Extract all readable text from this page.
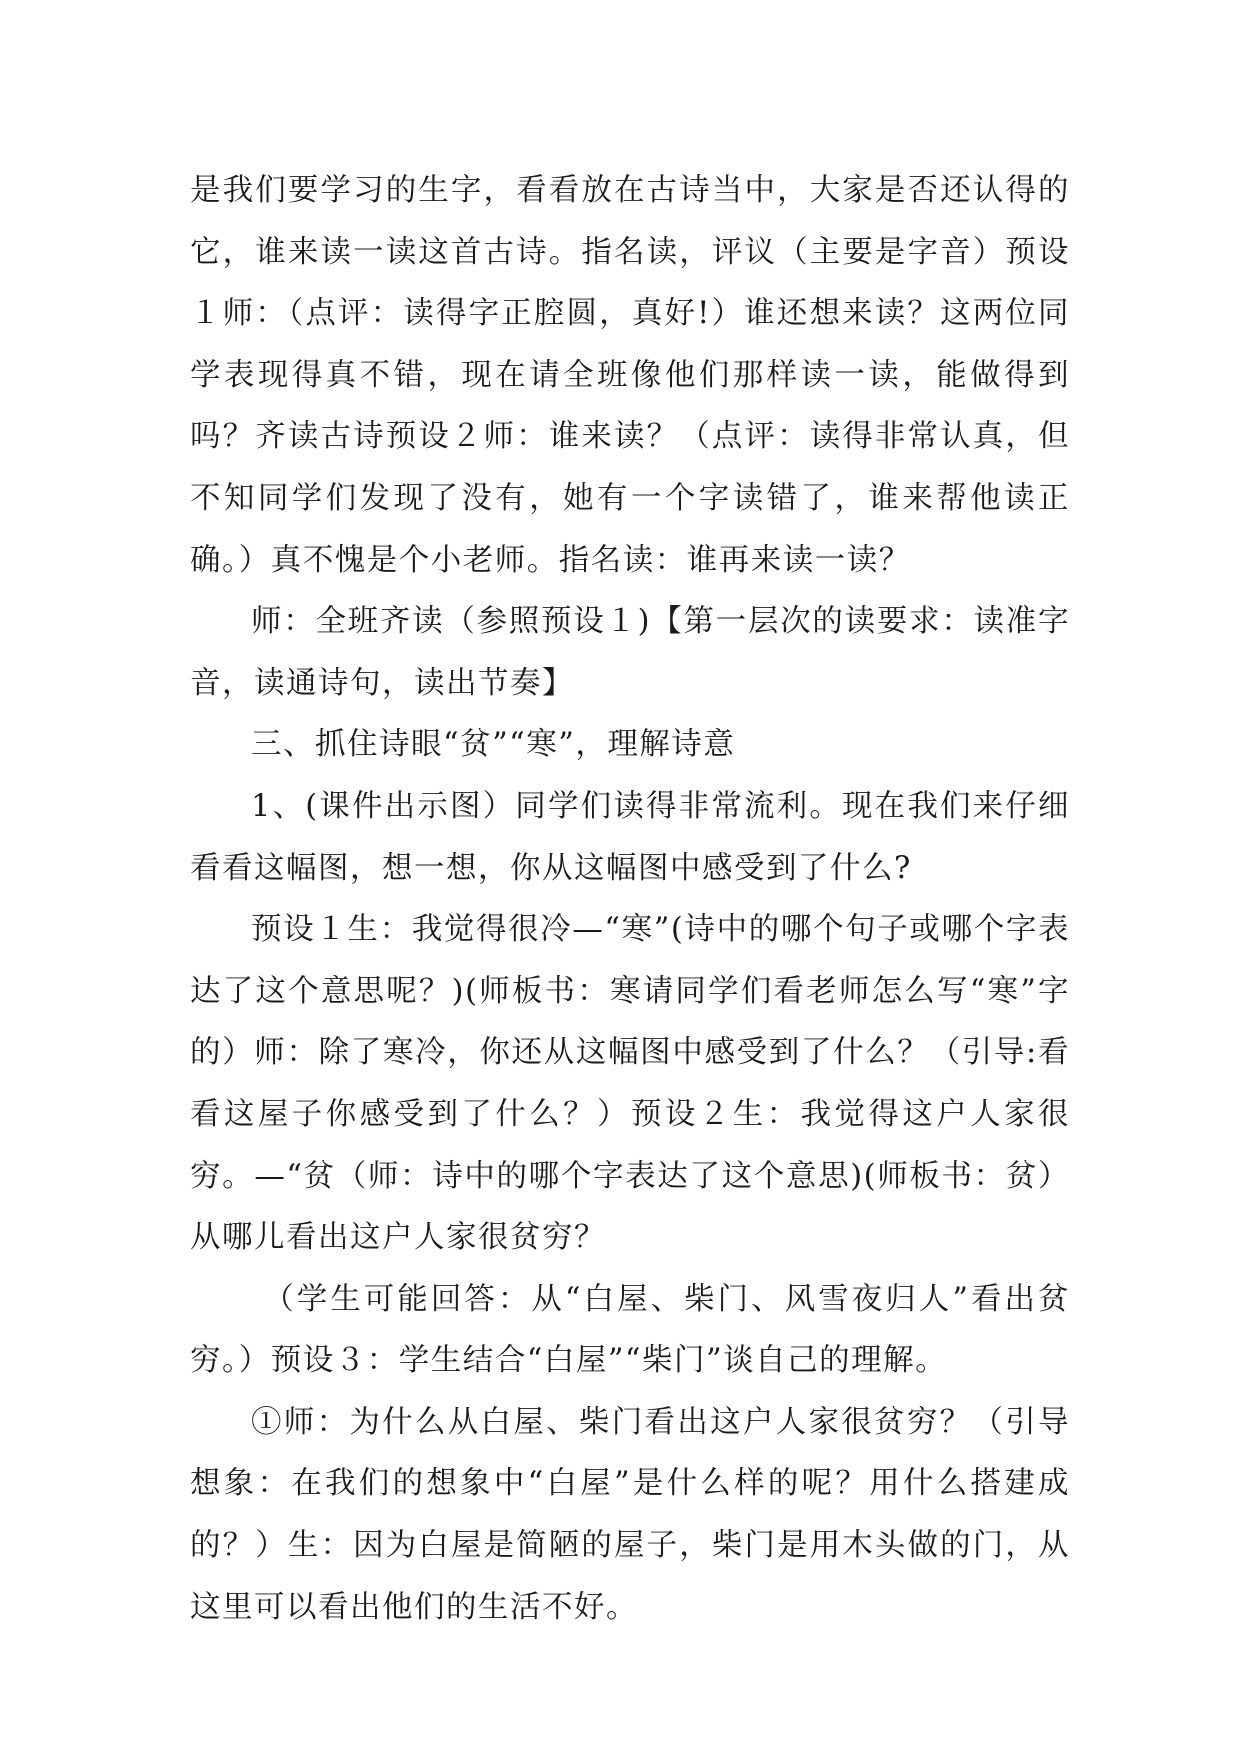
是我们要学习的生字，看看放在古诗当中，大家是否还认得的它，谁来读一读这首古诗。指名读，评议（主要是字音）预设１师：（点评：读得字正腔圆，真好!）谁还想来读？这两位同学表现得真不错，现在请全班像他们那样读一读，能做得到吗？齐读古诗预设２师：谁来读？（点评：读得非常认真，但不知同学们发现了没有，她有一个字读错了，谁来帮他读正确。）真不愧是个小老师。指名读：谁再来读一读？

师：全班齐读（参照预设１)【第一层次的读要求：读准字音，读通诗句，读出节奏】

三、抓住诗眼“贫”“寒”，理解诗意

1、(课件出示图）同学们读得非常流利。现在我们来仔细看看这幅图，想一想，你从这幅图中感受到了什么?

预设１生：我觉得很冷—“寒”(诗中的哪个句子或哪个字表达了这个意思呢？)(师板书：寒请同学们看老师怎么写“寒”字的）师：除了寒冷，你还从这幅图中感受到了什么？（引导:看看这屋子你感受到了什么？）预设２生：我觉得这户人家很穷。—“贫（师：诗中的哪个字表达了这个意思)(师板书：贫）从哪儿看出这户人家很贫穷？

（学生可能回答：从“白屋、柴门、风雪夜归人”看出贫穷。）预设３：学生结合“白屋”“柴门”谈自己的理解。

①师：为什么从白屋、柴门看出这户人家很贫穷？（引导想象：在我们的想象中“白屋”是什么样的呢？用什么搭建成的？）生：因为白屋是简陋的屋子，柴门是用木头做的门，从这里可以看出他们的生活不好。
